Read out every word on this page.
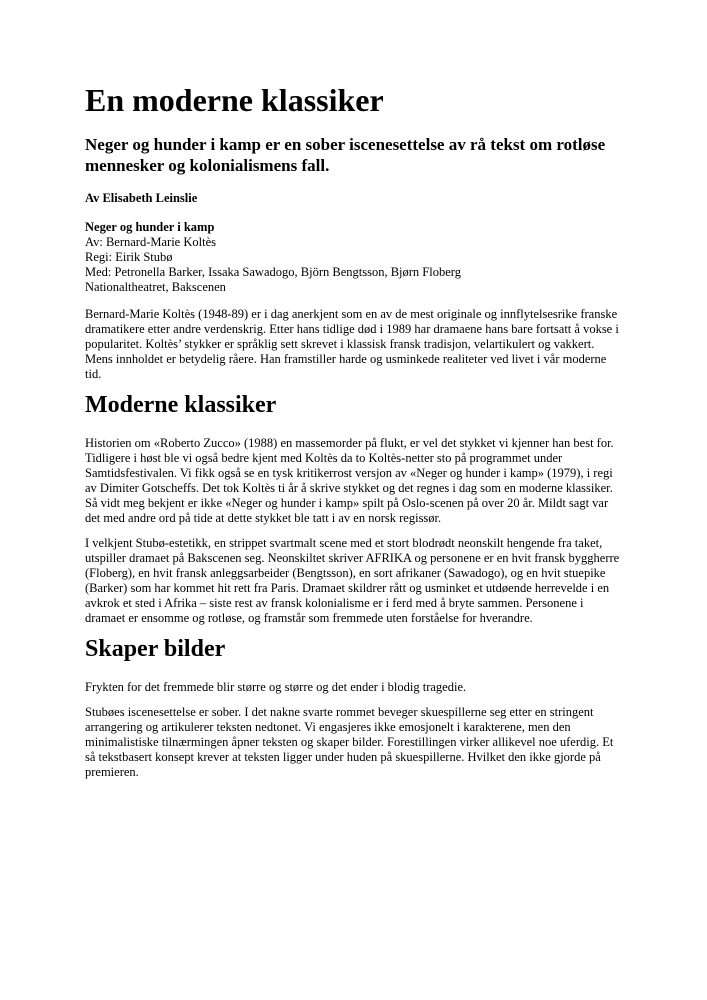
En moderne klassiker

Neger og hunder i kamp er en sober iscenesettelse av rå tekst om rotløse mennesker og kolonialismens fall.

Av Elisabeth Leinslie

Neger og hunder i kamp
Av: Bernard-Marie Koltès
Regi: Eirik Stubø
Med: Petronella Barker, Issaka Sawadogo, Björn Bengtsson, Bjørn Floberg
Nationaltheatret, Bakscenen

Bernard-Marie Koltès (1948-89) er i dag anerkjent som en av de mest originale og innflytelsesrike franske dramatikere etter andre verdenskrig. Etter hans tidlige død i 1989 har dramaene hans bare fortsatt å vokse i popularitet. Koltès’ stykker er språklig sett skrevet i klassisk fransk tradisjon, velartikulert og vakkert. Mens innholdet er betydelig råere. Han framstiller harde og usminkede realiteter ved livet i vår moderne tid.

Moderne klassiker

Historien om «Roberto Zucco» (1988) en massemorder på flukt, er vel det stykket vi kjenner han best for. Tidligere i høst ble vi også bedre kjent med Koltès da to Koltès-netter sto på programmet under Samtidsfestivalen. Vi fikk også se en tysk kritikerrost versjon av «Neger og hunder i kamp» (1979), i regi av Dimiter Gotscheffs. Det tok Koltès ti år å skrive stykket og det regnes i dag som en moderne klassiker. Så vidt meg bekjent er ikke «Neger og hunder i kamp» spilt på Oslo-scenen på over 20 år. Mildt sagt var det med andre ord på tide at dette stykket ble tatt i av en norsk regissør.

I velkjent Stubø-estetikk, en strippet svartmalt scene med et stort blodrødt neonskilt hengende fra taket, utspiller dramaet på Bakscenen seg. Neonskiltet skriver AFRIKA og personene er en hvit fransk byggherre (Floberg), en hvit fransk anleggsarbeider (Bengtsson), en sort afrikaner (Sawadogo), og en hvit stuepike (Barker) som har kommet hit rett fra Paris. Dramaet skildrer rått og usminket et utdøende herrevelde i en avkrok et sted i Afrika – siste rest av fransk kolonialisme er i ferd med å bryte sammen. Personene i dramaet er ensomme og rotløse, og framstår som fremmede uten forståelse for hverandre.

Skaper bilder

Frykten for det fremmede blir større og større og det ender i blodig tragedie.

Stubøes iscenesettelse er sober. I det nakne svarte rommet beveger skuespillerne seg etter en stringent arrangering og artikulerer teksten nedtonet. Vi engasjeres ikke emosjonelt i karakterene, men den minimalistiske tilnærmingen åpner teksten og skaper bilder. Forestillingen virker allikevel noe uferdig. Et så tekstbasert konsept krever at teksten ligger under huden på skuespillerne. Hvilket den ikke gjorde på premieren.
